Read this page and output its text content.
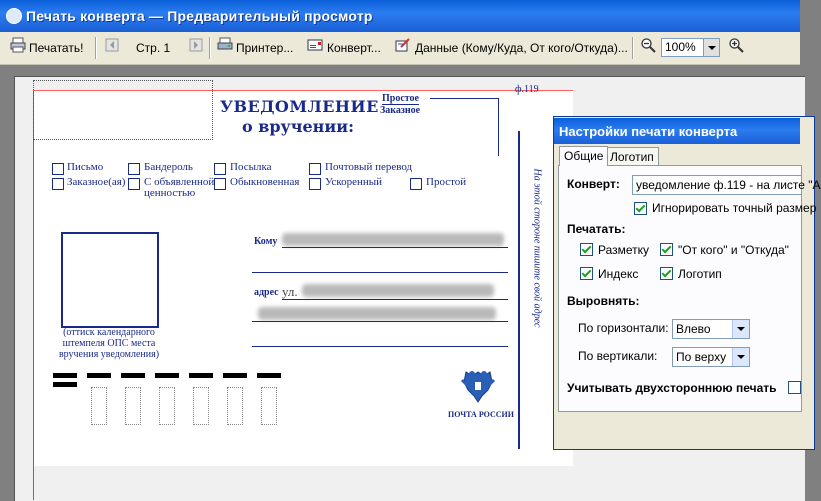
Печать конверта — Предварительный просмотр
Печатать!	Стр. 1	Принтер...	Конверт...	Данные (Кому/Куда, От кого/Откуда)...	100%
УВЕДОМЛЕНИЕ
о вручении:
Простое
Заказное
ф.119
Письмо	Бандероль	Посылка	Почтовый перевод
Заказное(ая) С объявленной
ценностью
Обыкновенная Ускоренный	Простой
(оттиск календарного
штемпеля ОПС места
вручения уведомления)
Кому
адрес ул.	На этой стороне пишите свой адрес
ПОЧТА РОССИИ
Настройки печати конверта
Общие Логотип
Конверт: уведомление ф.119 - на листе "А
Игнорировать точный размер
Печатать:
Разметку "От кого" и "Откуда"
Индекс	Логотип
Выровнять:
По горизонтали: Влево
По вертикали: По верху
Учитывать двухстороннюю печать
